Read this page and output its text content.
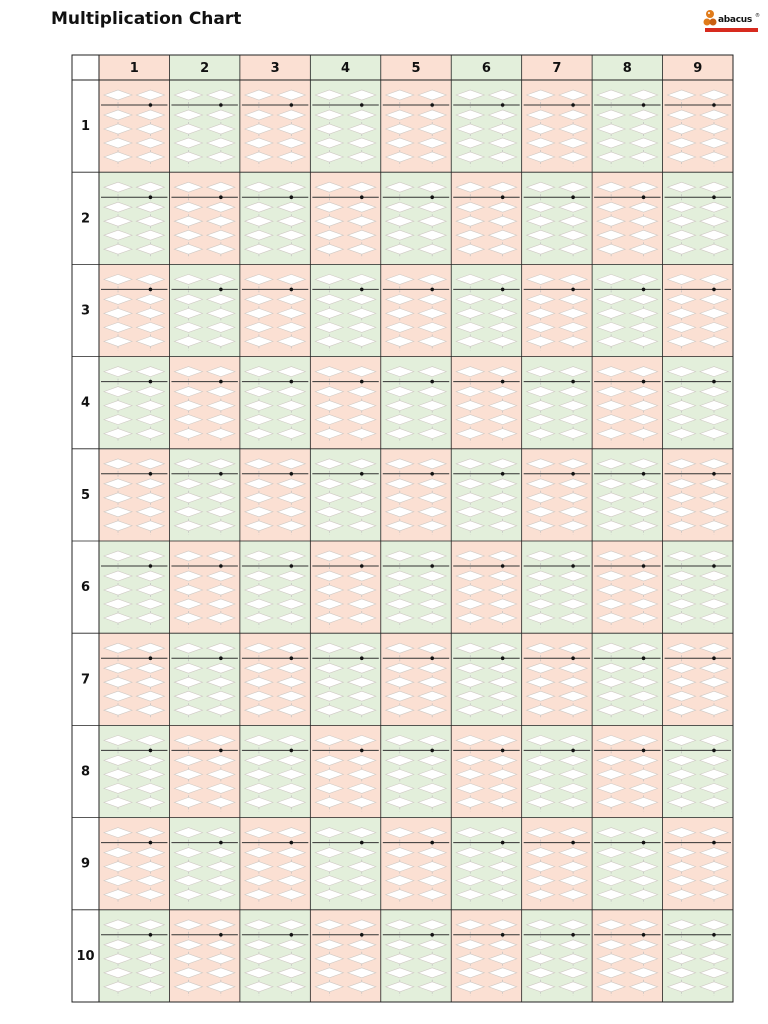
Multiplication Chart	abacus ®
1	2	3	4	5	6	7	8	9
1
2
3
4
5
6
7
8
9
10
